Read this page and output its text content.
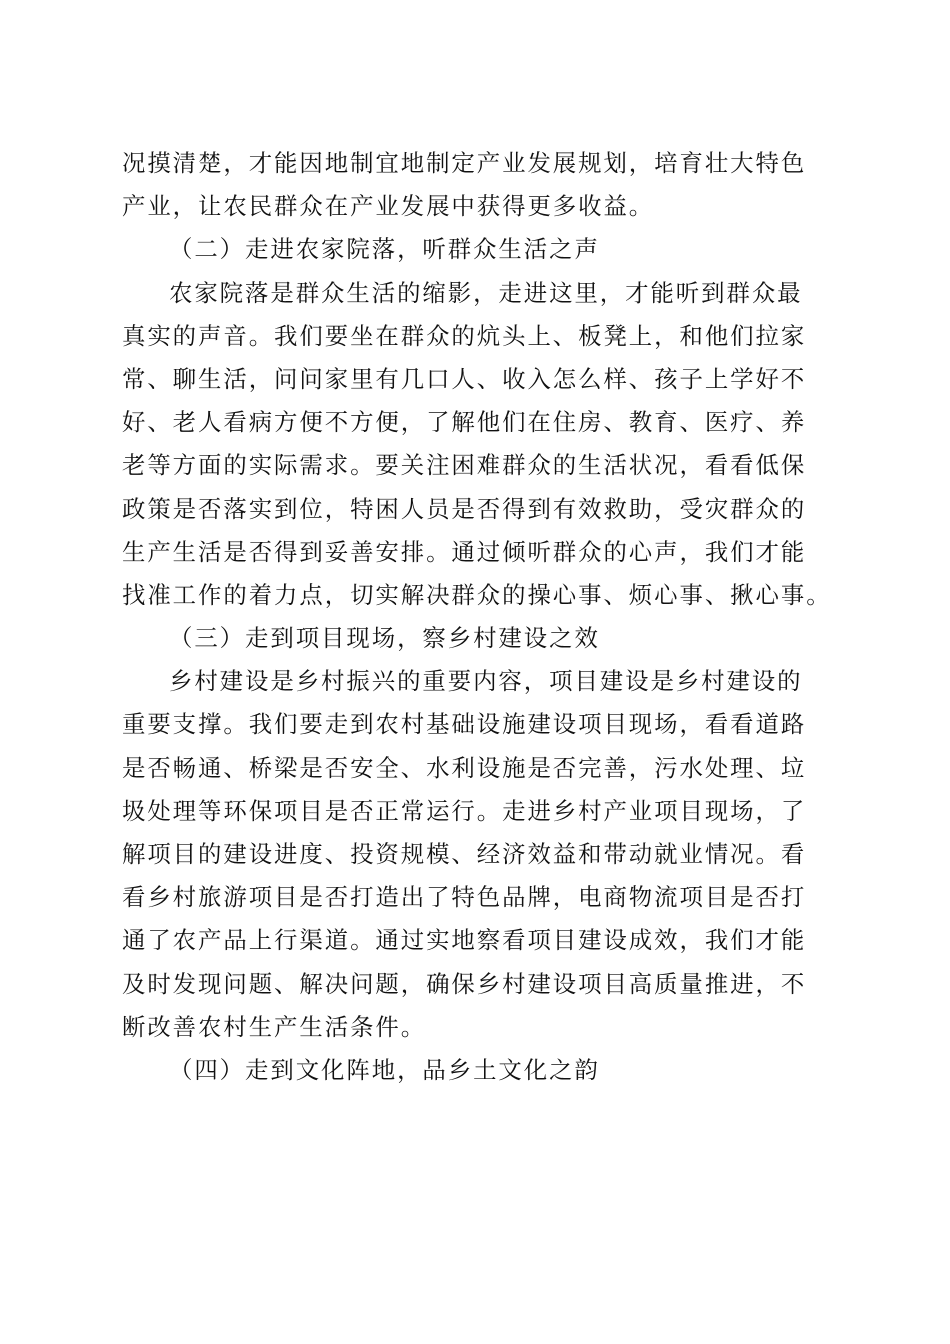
况摸清楚，才能因地制宜地制定产业发展规划，培育壮大特色
产业，让农民群众在产业发展中获得更多收益。
（二）走进农家院落，听群众生活之声
农家院落是群众生活的缩影，走进这里，才能听到群众最
真实的声音。我们要坐在群众的炕头上、板凳上，和他们拉家
常、聊生活，问问家里有几口人、收入怎么样、孩子上学好不
好、老人看病方便不方便，了解他们在住房、教育、医疗、养
老等方面的实际需求。要关注困难群众的生活状况，看看低保
政策是否落实到位，特困人员是否得到有效救助，受灾群众的
生产生活是否得到妥善安排。通过倾听群众的心声，我们才能
找准工作的着力点，切实解决群众的操心事、烦心事、揪心事。
（三）走到项目现场，察乡村建设之效
乡村建设是乡村振兴的重要内容，项目建设是乡村建设的
重要支撑。我们要走到农村基础设施建设项目现场，看看道路
是否畅通、桥梁是否安全、水利设施是否完善，污水处理、垃
圾处理等环保项目是否正常运行。走进乡村产业项目现场，了
解项目的建设进度、投资规模、经济效益和带动就业情况。看
看乡村旅游项目是否打造出了特色品牌，电商物流项目是否打
通了农产品上行渠道。通过实地察看项目建设成效，我们才能
及时发现问题、解决问题，确保乡村建设项目高质量推进，不
断改善农村生产生活条件。
（四）走到文化阵地，品乡土文化之韵
